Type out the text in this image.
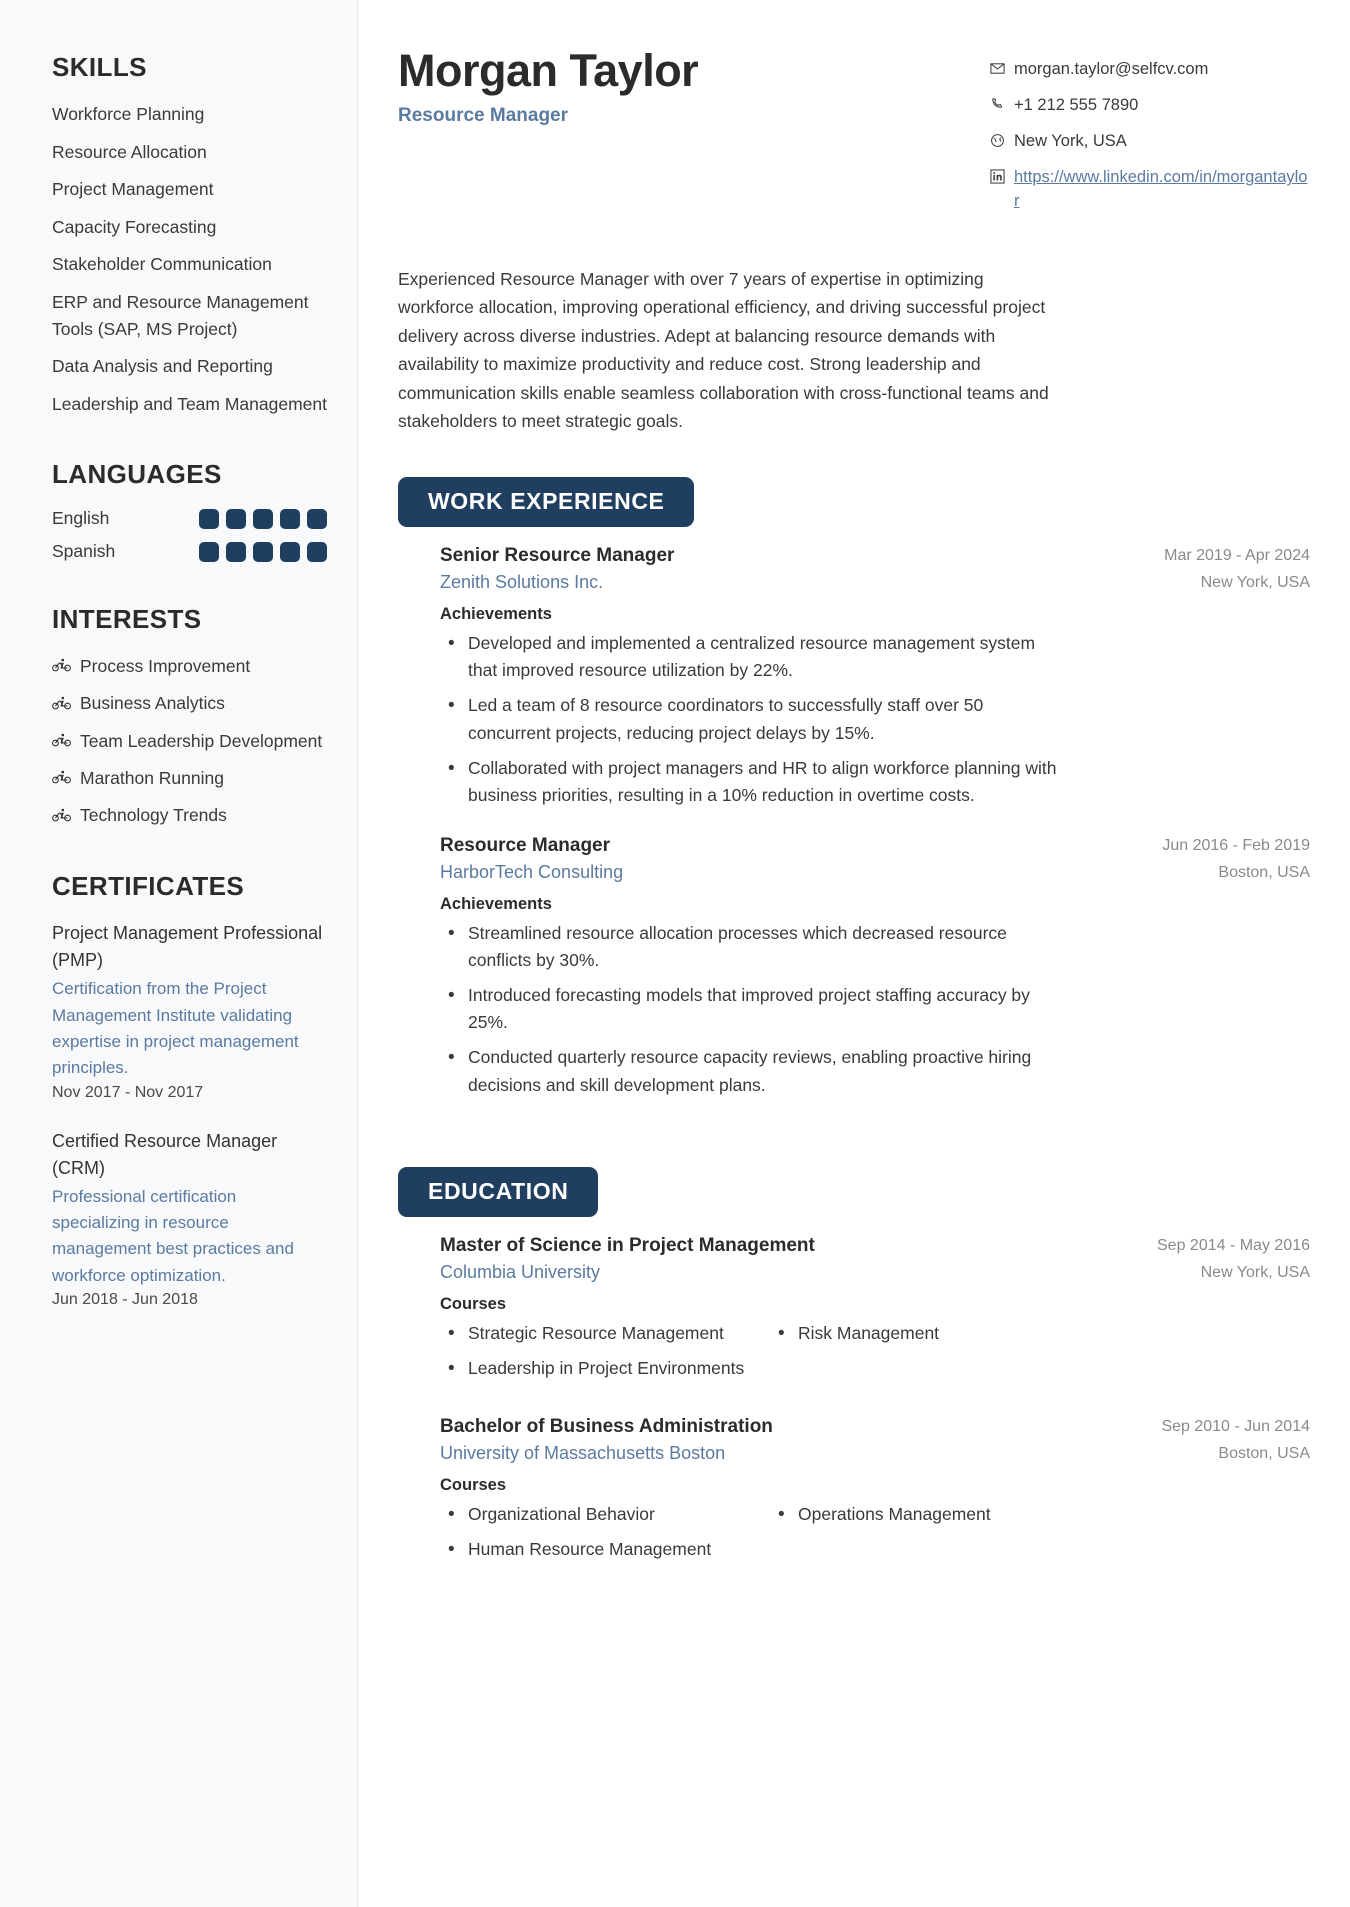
SKILLS
Workforce Planning
Resource Allocation
Project Management
Capacity Forecasting
Stakeholder Communication
ERP and Resource Management Tools (SAP, MS Project)
Data Analysis and Reporting
Leadership and Team Management
LANGUAGES
English
Spanish
INTERESTS
Process Improvement
Business Analytics
Team Leadership Development
Marathon Running
Technology Trends
CERTIFICATES
Project Management Professional (PMP)
Certification from the Project Management Institute validating expertise in project management principles.
Nov 2017 - Nov 2017
Certified Resource Manager (CRM)
Professional certification specializing in resource management best practices and workforce optimization.
Jun 2018 - Jun 2018
Morgan Taylor
Resource Manager
morgan.taylor@selfcv.com
+1 212 555 7890
New York, USA
https://www.linkedin.com/in/morgantaylor

Experienced Resource Manager with over 7 years of expertise in optimizing workforce allocation, improving operational efficiency, and driving successful project delivery across diverse industries. Adept at balancing resource demands with availability to maximize productivity and reduce cost. Strong leadership and communication skills enable seamless collaboration with cross-functional teams and stakeholders to meet strategic goals.

WORK EXPERIENCE
Senior Resource Manager
Zenith Solutions Inc.
Mar 2019 - Apr 2024
New York, USA
Achievements
• Developed and implemented a centralized resource management system that improved resource utilization by 22%.
• Led a team of 8 resource coordinators to successfully staff over 50 concurrent projects, reducing project delays by 15%.
• Collaborated with project managers and HR to align workforce planning with business priorities, resulting in a 10% reduction in overtime costs.
Resource Manager
HarborTech Consulting
Jun 2016 - Feb 2019
Boston, USA
Achievements
• Streamlined resource allocation processes which decreased resource conflicts by 30%.
• Introduced forecasting models that improved project staffing accuracy by 25%.
• Conducted quarterly resource capacity reviews, enabling proactive hiring decisions and skill development plans.
EDUCATION
Master of Science in Project Management
Columbia University
Sep 2014 - May 2016
New York, USA
Courses
• Strategic Resource Management	• Risk Management
• Leadership in Project Environments
Bachelor of Business Administration
University of Massachusetts Boston
Sep 2010 - Jun 2014
Boston, USA
Courses
• Organizational Behavior	• Operations Management
• Human Resource Management
